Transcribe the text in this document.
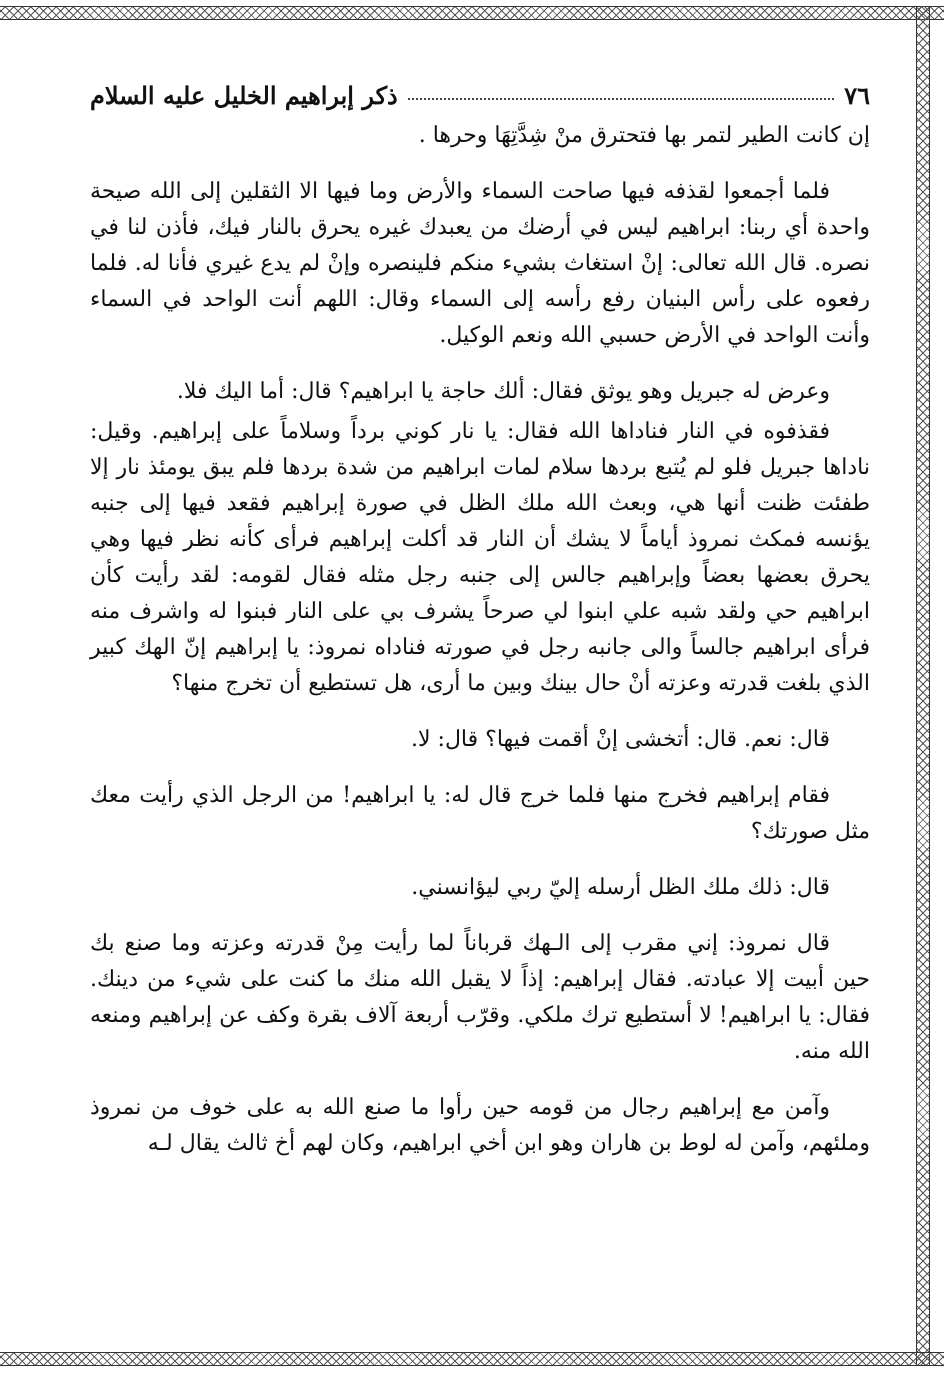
٧٦
ذكر إبراهيم الخليل عليه السلام

إن كانت الطير لتمر بها فتحترق منْ شِدَّتِهَا وحرها .

فلما أجمعوا لقذفه فيها صاحت السماء والأرض وما فيها الا الثقلين إلى الله صيحة واحدة أي ربنا: ابراهيم ليس في أرضك من يعبدك غيره يحرق بالنار فيك، فأذن لنا في نصره. قال الله تعالى: إنْ استغاث بشيء منكم فلينصره وإنْ لم يدع غيري فأنا له. فلما رفعوه على رأس البنيان رفع رأسه إلى السماء وقال: اللهم أنت الواحد في السماء وأنت الواحد في الأرض حسبي الله ونعم الوكيل.

وعرض له جبريل وهو يوثق فقال: ألك حاجة يا ابراهيم؟ قال: أما اليك فلا.

فقذفوه في النار فناداها الله فقال: يا نار كوني برداً وسلاماً على إبراهيم. وقيل: ناداها جبريل فلو لم يُتبع بردها سلام لمات ابراهيم من شدة بردها فلم يبق يومئذ نار إلا طفئت ظنت أنها هي، وبعث الله ملك الظل في صورة إبراهيم فقعد فيها إلى جنبه يؤنسه فمكث نمروذ أياماً لا يشك أن النار قد أكلت إبراهيم فرأى كأنه نظر فيها وهي يحرق بعضها بعضاً وإبراهيم جالس إلى جنبه رجل مثله فقال لقومه: لقد رأيت كأن ابراهيم حي ولقد شبه علي ابنوا لي صرحاً يشرف بي على النار فبنوا له واشرف منه فرأى ابراهيم جالساً والى جانبه رجل في صورته فناداه نمروذ: يا إبراهيم إنّ الهك كبير الذي بلغت قدرته وعزته أنْ حال بينك وبين ما أرى، هل تستطيع أن تخرج منها؟

قال: نعم. قال: أتخشى إنْ أقمت فيها؟ قال: لا.

فقام إبراهيم فخرج منها فلما خرج قال له: يا ابراهيم! من الرجل الذي رأيت معك مثل صورتك؟

قال: ذلك ملك الظل أرسله إليّ ربي ليؤانسني.

قال نمروذ: إني مقرب إلى الـهك قرباناً لما رأيت مِنْ قدرته وعزته وما صنع بك حين أبيت إلا عبادته. فقال إبراهيم: إذاً لا يقبل الله منك ما كنت على شيء من دينك. فقال: يا ابراهيم! لا أستطيع ترك ملكي. وقرّب أربعة آلاف بقرة وكف عن إبراهيم ومنعه الله منه.

وآمن مع إبراهيم رجال من قومه حين رأوا ما صنع الله به على خوف من نمروذ وملئهم، وآمن له لوط بن هاران وهو ابن أخي ابراهيم، وكان لهم أخ ثالث يقال لـه
